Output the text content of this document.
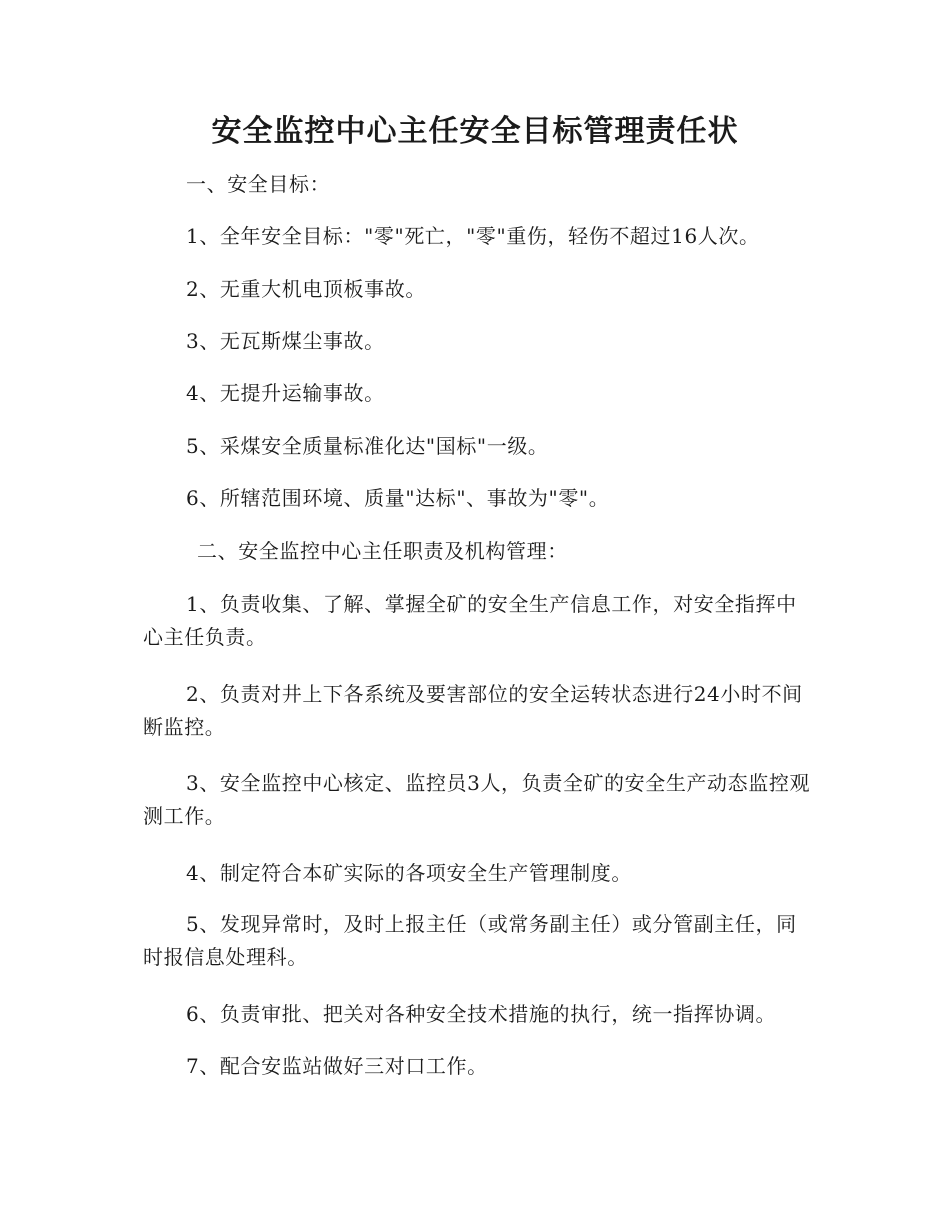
安全监控中心主任安全目标管理责任状
一、安全目标：
1、全年安全目标："零"死亡，"零"重伤，轻伤不超过16人次。
2、无重大机电顶板事故。
3、无瓦斯煤尘事故。
4、无提升运输事故。
5、采煤安全质量标准化达"国标"一级。
6、所辖范围环境、质量"达标"、事故为"零"。
二、安全监控中心主任职责及机构管理：
1、负责收集、了解、掌握全矿的安全生产信息工作，对安全指挥中心主任负责。
2、负责对井上下各系统及要害部位的安全运转状态进行24小时不间断监控。
3、安全监控中心核定、监控员3人，负责全矿的安全生产动态监控观测工作。
4、制定符合本矿实际的各项安全生产管理制度。
5、发现异常时，及时上报主任（或常务副主任）或分管副主任，同时报信息处理科。
6、负责审批、把关对各种安全技术措施的执行，统一指挥协调。
7、配合安监站做好三对口工作。
